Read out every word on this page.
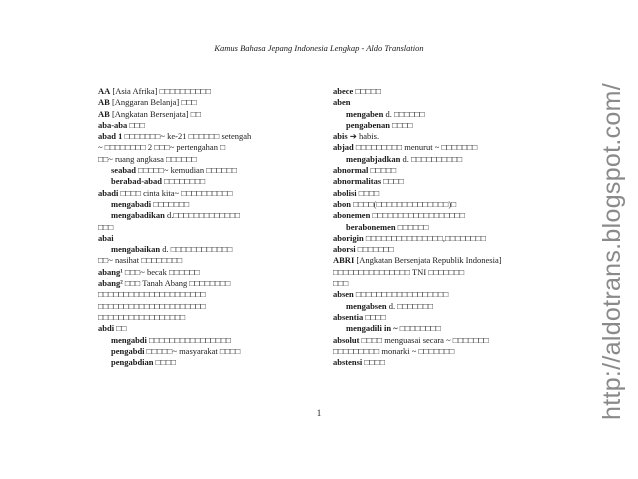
Kamus Bahasa Jepang Indonesia Lengkap - Aldo Translation
AA [Asia Afrika] □□□□□□□□□□
AB [Anggaran Belanja] □□□
AB [Angkatan Bersenjata] □□
aba-aba □□□
abad 1 □□□□□□□~ ke-21 □□□□□□ setengah
~ □□□□□□□□ 2 □□□~ pertengahan □
□□~ ruang angkasa □□□□□□
seabad □□□□□~ kemudian □□□□□□
berabad-abad □□□□□□□□
abadi □□□□ cinta kita~ □□□□□□□□□□
mengabadi □□□□□□□
mengabadikan d.□□□□□□□□□□□□□
□□□
abai
mengabaikan d. □□□□□□□□□□□□
□□~ nasihat □□□□□□□□
abang¹ □□□~ becak □□□□□□
abang² □□□ Tanah Abang □□□□□□□□
□□□□□□□□□□□□□□□□□□□□□
□□□□□□□□□□□□□□□□□□□□□
□□□□□□□□□□□□□□□□□
abdi □□
mengabdi □□□□□□□□□□□□□□□□
pengabdi □□□□□~ masyarakat □□□□
pengabdian □□□□
abece □□□□□
aben
mengaben d. □□□□□□
pengabenan □□□□
abis ➔ habis.
abjad □□□□□□□□□ menurut ~ □□□□□□□
mengabjadkan d. □□□□□□□□□□
abnormal □□□□□
abnormalitas □□□□
abolisi □□□□
abon □□□□(□□□□□□□□□□□□□□)□
abonemen □□□□□□□□□□□□□□□□□□
berabonemen □□□□□□
aborigin □□□□□□□□□□□□□□□,□□□□□□□□
aborsi □□□□□□□
ABRI [Angkatan Bersenjata Republik Indonesia]
□□□□□□□□□□□□□□□ TNI □□□□□□□
□□□
absen □□□□□□□□□□□□□□□□□□
mengabsen d. □□□□□□□
absentia □□□□
mengadili in ~ □□□□□□□□
absolut □□□□ menguasai secara ~ □□□□□□□
□□□□□□□□□ monarki ~ □□□□□□□
abstensi □□□□
1	http://aldotrans.blogspot.com/
